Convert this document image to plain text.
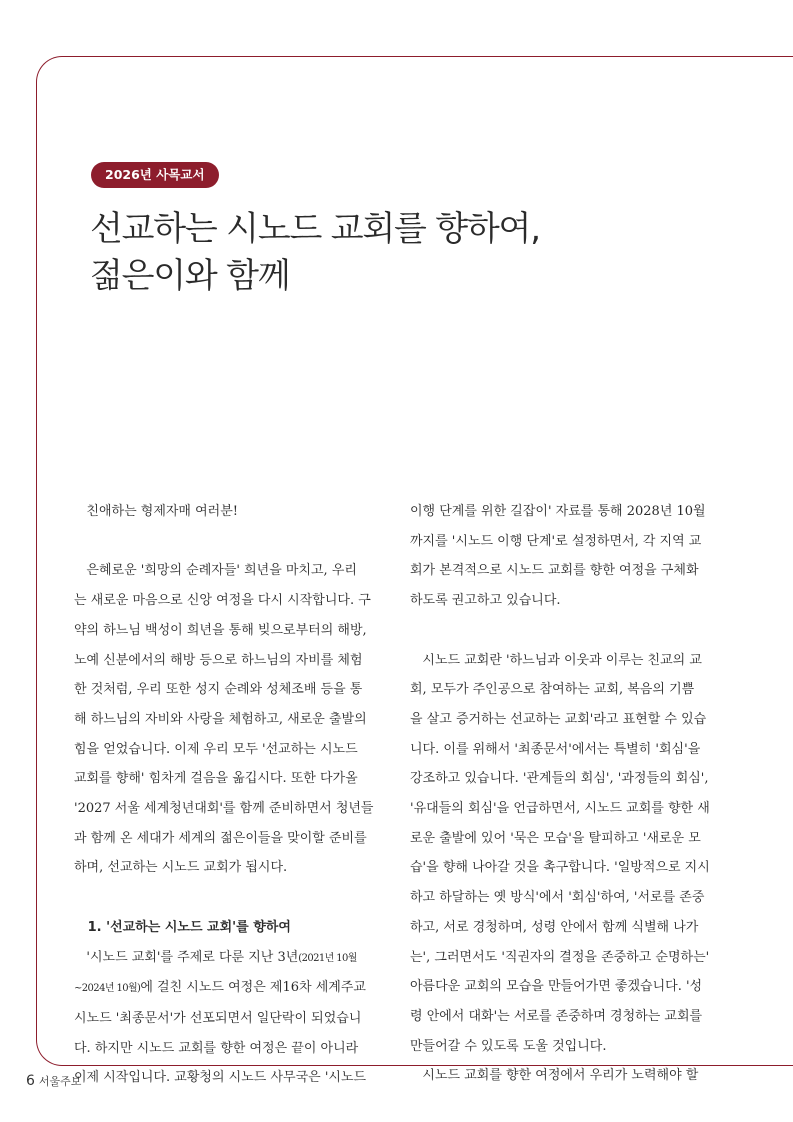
2026년 사목교서
선교하는 시노드 교회를 향하여,
젊은이와 함께

친애하는 형제자매 여러분!

은혜로운 '희망의 순례자들' 희년을 마치고, 우리

는 새로운 마음으로 신앙 여정을 다시 시작합니다. 구

약의 하느님 백성이 희년을 통해 빚으로부터의 해방,

노예 신분에서의 해방 등으로 하느님의 자비를 체험

한 것처럼, 우리 또한 성지 순례와 성체조배 등을 통

해 하느님의 자비와 사랑을 체험하고, 새로운 출발의

힘을 얻었습니다. 이제 우리 모두 '선교하는 시노드

교회를 향해' 힘차게 걸음을 옮깁시다. 또한 다가올

'2027 서울 세계청년대회'를 함께 준비하면서 청년들

과 함께 온 세대가 세계의 젊은이들을 맞이할 준비를

하며, 선교하는 시노드 교회가 됩시다.

1. '선교하는 시노드 교회'를 향하여

'시노드 교회'를 주제로 다룬 지난 3년(2021년 10월

~2024년 10월)에 걸친 시노드 여정은 제16차 세계주교

시노드 '최종문서'가 선포되면서 일단락이 되었습니

다. 하지만 시노드 교회를 향한 여정은 끝이 아니라

이제 시작입니다. 교황청의 시노드 사무국은 '시노드

이행 단계를 위한 길잡이' 자료를 통해 2028년 10월

까지를 '시노드 이행 단계'로 설정하면서, 각 지역 교

회가 본격적으로 시노드 교회를 향한 여정을 구체화

하도록 권고하고 있습니다.

시노드 교회란 '하느님과 이웃과 이루는 친교의 교

회, 모두가 주인공으로 참여하는 교회, 복음의 기쁨

을 살고 증거하는 선교하는 교회'라고 표현할 수 있습

니다. 이를 위해서 '최종문서'에서는 특별히 '회심'을

강조하고 있습니다. '관계들의 회심', '과정들의 회심',

'유대들의 회심'을 언급하면서, 시노드 교회를 향한 새

로운 출발에 있어 '묵은 모습'을 탈피하고 '새로운 모

습'을 향해 나아갈 것을 촉구합니다. '일방적으로 지시

하고 하달하는 옛 방식'에서 '회심'하여, '서로를 존중

하고, 서로 경청하며, 성령 안에서 함께 식별해 나가

는', 그러면서도 '직권자의 결정을 존중하고 순명하는'

아름다운 교회의 모습을 만들어가면 좋겠습니다. '성

령 안에서 대화'는 서로를 존중하며 경청하는 교회를

만들어갈 수 있도록 도울 것입니다.

시노드 교회를 향한 여정에서 우리가 노력해야 할

6 서울주보
